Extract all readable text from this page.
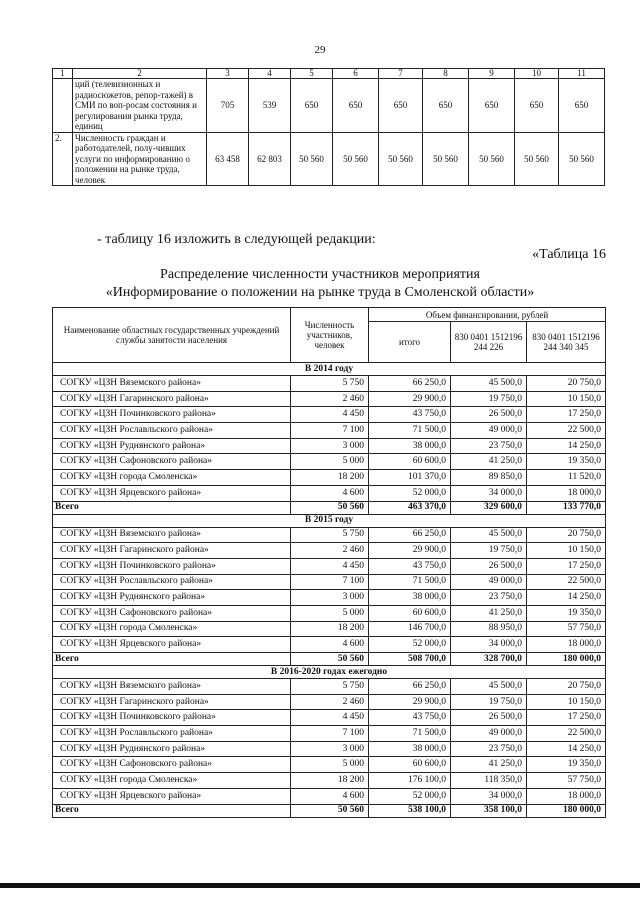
29
1	2	3	4	5	6	7	8	9	10	11
	ций (телевизионных и радиосюжетов, репор-тажей) в СМИ по воп-росам состояния и регулирования рынка труда, единиц	705	539	650	650	650	650	650	650	650
2.	Численность граждан и работодателей, полу-чивших услуги по информированию о положении на рынке труда, человек	63 458	62 803	50 560	50 560	50 560	50 560	50 560	50 560	50 560
- таблицу 16 изложить в следующей редакции:
«Таблица 16
Распределение численности участников мероприятия
«Информирование о положении на рынке труда в Смоленской области»
Наименование областных государственных учреждений службы занятости населения	Численность участников, человек	Объем финансирования, рублей		
		итого	830 0401 1512196 244 226	830 0401 1512196 244 340 345
В 2014 году				
СОГКУ «ЦЗН Вяземского района»	5 750	66 250,0	45 500,0	20 750,0
СОГКУ «ЦЗН Гагаринского района»	2 460	29 900,0	19 750,0	10 150,0
СОГКУ «ЦЗН Починковского района»	4 450	43 750,0	26 500,0	17 250,0
СОГКУ «ЦЗН Рославльского района»	7 100	71 500,0	49 000,0	22 500,0
СОГКУ «ЦЗН Руднянского района»	3 000	38 000,0	23 750,0	14 250,0
СОГКУ «ЦЗН Сафоновского района»	5 000	60 600,0	41 250,0	19 350,0
СОГКУ «ЦЗН города Смоленска»	18 200	101 370,0	89 850,0	11 520,0
СОГКУ «ЦЗН Ярцевского района»	4 600	52 000,0	34 000,0	18 000,0
Всего	50 560	463 370,0	329 600,0	133 770,0
В 2015 году				
СОГКУ «ЦЗН Вяземского района»	5 750	66 250,0	45 500,0	20 750,0
СОГКУ «ЦЗН Гагаринского района»	2 460	29 900,0	19 750,0	10 150,0
СОГКУ «ЦЗН Починковского района»	4 450	43 750,0	26 500,0	17 250,0
СОГКУ «ЦЗН Рославльского района»	7 100	71 500,0	49 000,0	22 500,0
СОГКУ «ЦЗН Руднянского района»	3 000	38 000,0	23 750,0	14 250,0
СОГКУ «ЦЗН Сафоновского района»	5 000	60 600,0	41 250,0	19 350,0
СОГКУ «ЦЗН города Смоленска»	18 200	146 700,0	88 950,0	57 750,0
СОГКУ «ЦЗН Ярцевского района»	4 600	52 000,0	34 000,0	18 000,0
Всего	50 560	508 700,0	328 700,0	180 000,0
В 2016-2020 годах ежегодно				
СОГКУ «ЦЗН Вяземского района»	5 750	66 250,0	45 500,0	20 750,0
СОГКУ «ЦЗН Гагаринского района»	2 460	29 900,0	19 750,0	10 150,0
СОГКУ «ЦЗН Починковского района»	4 450	43 750,0	26 500,0	17 250,0
СОГКУ «ЦЗН Рославльского района»	7 100	71 500,0	49 000,0	22 500,0
СОГКУ «ЦЗН Руднянского района»	3 000	38 000,0	23 750,0	14 250,0
СОГКУ «ЦЗН Сафоновского района»	5 000	60 600,0	41 250,0	19 350,0
СОГКУ «ЦЗН города Смоленска»	18 200	176 100,0	118 350,0	57 750,0
СОГКУ «ЦЗН Ярцевского района»	4 600	52 000,0	34 000,0	18 000,0
Всего	50 560	538 100,0	358 100,0	180 000,0
